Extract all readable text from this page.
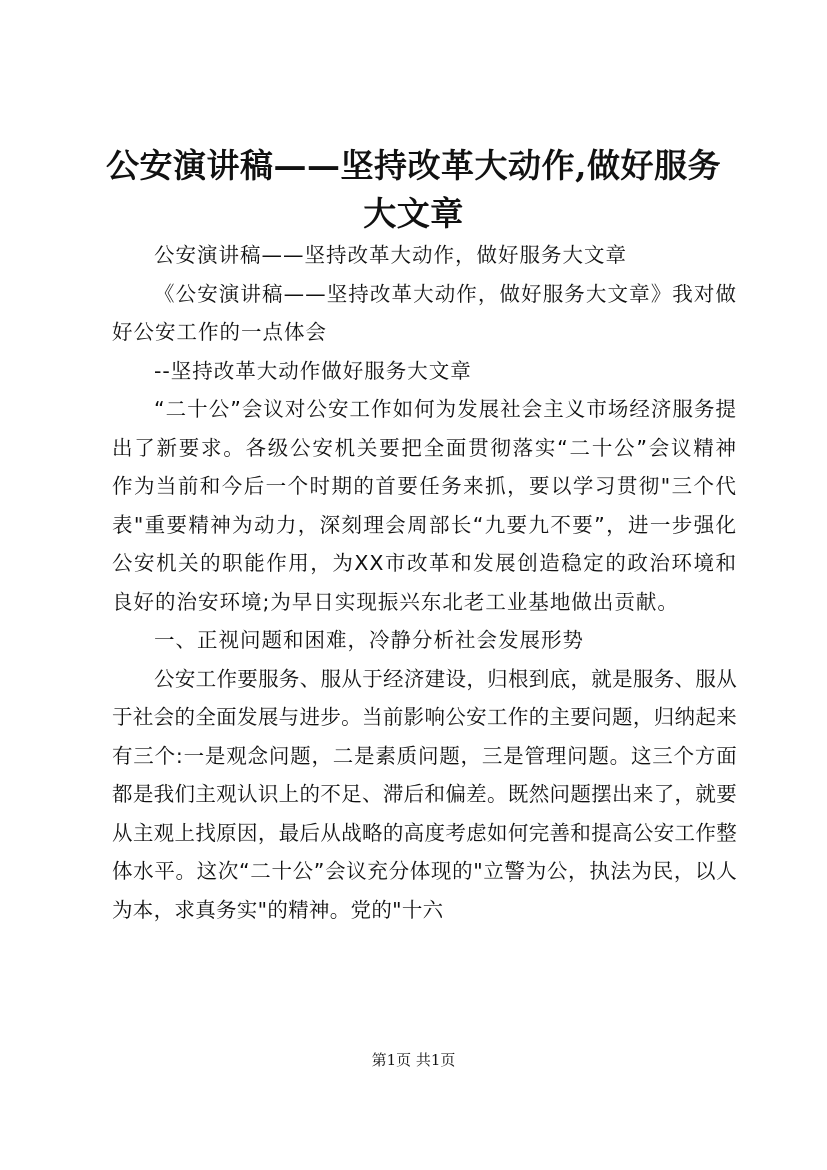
公安演讲稿——坚持改革大动作,做好服务大文章

公安演讲稿——坚持改革大动作，做好服务大文章

《公安演讲稿——坚持改革大动作，做好服务大文章》我对做好公安工作的一点体会

--坚持改革大动作做好服务大文章

“二十公”会议对公安工作如何为发展社会主义市场经济服务提出了新要求。各级公安机关要把全面贯彻落实“二十公”会议精神作为当前和今后一个时期的首要任务来抓，要以学习贯彻"三个代表"重要精神为动力，深刻理会周部长“九要九不要”，进一步强化公安机关的职能作用，为XX市改革和发展创造稳定的政治环境和良好的治安环境;为早日实现振兴东北老工业基地做出贡献。

一、正视问题和困难，冷静分析社会发展形势

公安工作要服务、服从于经济建设，归根到底，就是服务、服从于社会的全面发展与进步。当前影响公安工作的主要问题，归纳起来有三个:一是观念问题，二是素质问题，三是管理问题。这三个方面都是我们主观认识上的不足、滞后和偏差。既然问题摆出来了，就要从主观上找原因，最后从战略的高度考虑如何完善和提高公安工作整体水平。这次“二十公”会议充分体现的"立警为公，执法为民，以人为本，求真务实"的精神。党的"十六

第1页 共1页
